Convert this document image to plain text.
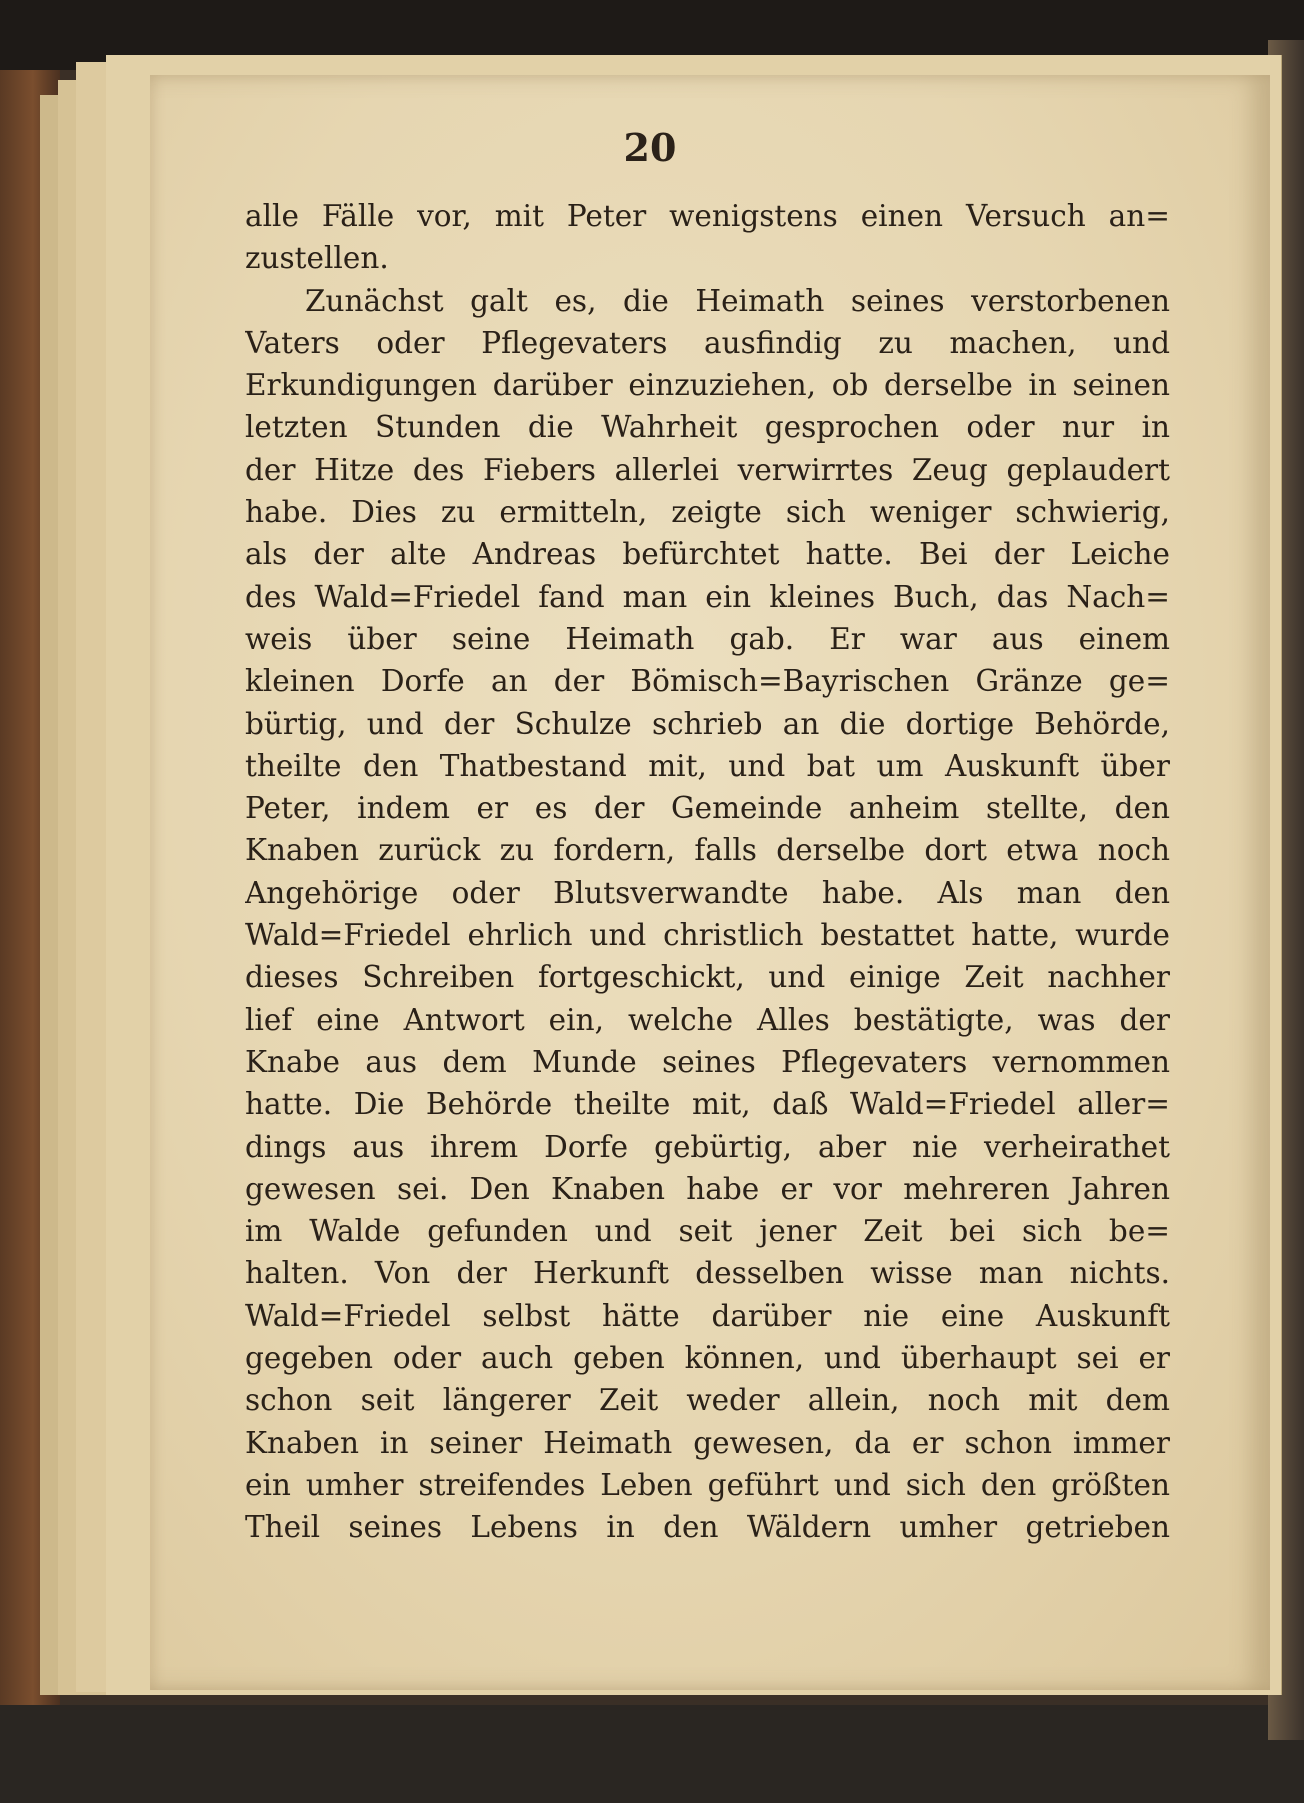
20
alle Fälle vor, mit Peter wenigstens einen Versuch an=
zustellen.
Zunächst galt es, die Heimath seines verstorbenen
Vaters oder Pflegevaters ausfindig zu machen, und
Erkundigungen darüber einzuziehen, ob derselbe in seinen
letzten Stunden die Wahrheit gesprochen oder nur in
der Hitze des Fiebers allerlei verwirrtes Zeug geplaudert
habe. Dies zu ermitteln, zeigte sich weniger schwierig,
als der alte Andreas befürchtet hatte. Bei der Leiche
des Wald=Friedel fand man ein kleines Buch, das Nach=
weis über seine Heimath gab. Er war aus einem
kleinen Dorfe an der Bömisch=Bayrischen Gränze ge=
bürtig, und der Schulze schrieb an die dortige Behörde,
theilte den Thatbestand mit, und bat um Auskunft über
Peter, indem er es der Gemeinde anheim stellte, den
Knaben zurück zu fordern, falls derselbe dort etwa noch
Angehörige oder Blutsverwandte habe. Als man den
Wald=Friedel ehrlich und christlich bestattet hatte, wurde
dieses Schreiben fortgeschickt, und einige Zeit nachher
lief eine Antwort ein, welche Alles bestätigte, was der
Knabe aus dem Munde seines Pflegevaters vernommen
hatte. Die Behörde theilte mit, daß Wald=Friedel aller=
dings aus ihrem Dorfe gebürtig, aber nie verheirathet
gewesen sei. Den Knaben habe er vor mehreren Jahren
im Walde gefunden und seit jener Zeit bei sich be=
halten. Von der Herkunft desselben wisse man nichts.
Wald=Friedel selbst hätte darüber nie eine Auskunft
gegeben oder auch geben können, und überhaupt sei er
schon seit längerer Zeit weder allein, noch mit dem
Knaben in seiner Heimath gewesen, da er schon immer
ein umher streifendes Leben geführt und sich den größten
Theil seines Lebens in den Wäldern umher getrieben
